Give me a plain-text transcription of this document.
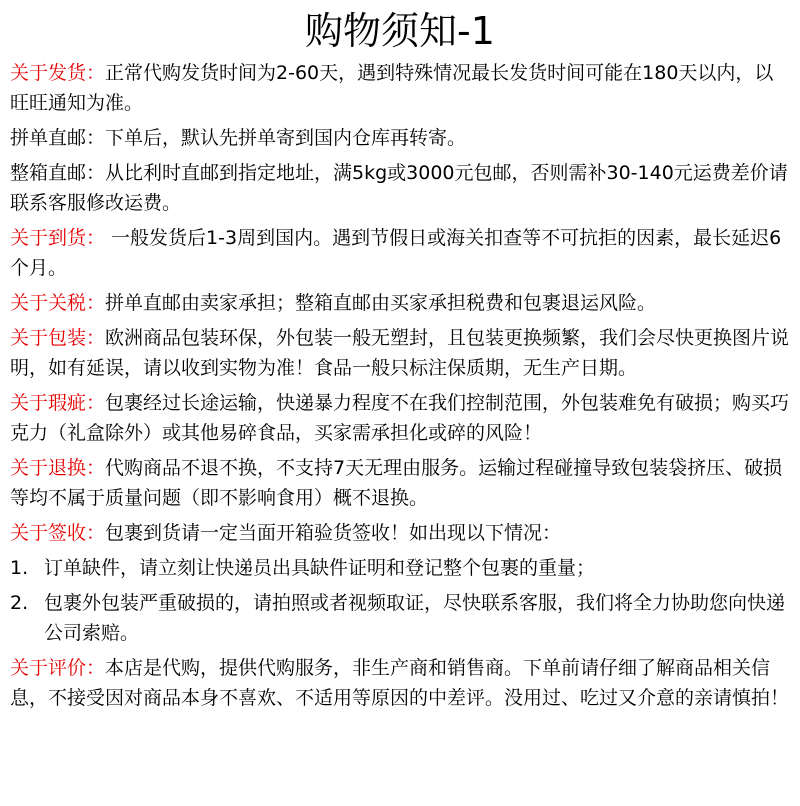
购物须知-1

关于发货：正常代购发货时间为2-60天，遇到特殊情况最长发货时间可能在180天以内，以旺旺通知为准。

拼单直邮：下单后，默认先拼单寄到国内仓库再转寄。

整箱直邮：从比利时直邮到指定地址，满5kg或3000元包邮，否则需补30-140元运费差价请联系客服修改运费。

关于到货： 一般发货后1-3周到国内。遇到节假日或海关扣查等不可抗拒的因素，最长延迟6个月。

关于关税：拼单直邮由卖家承担；整箱直邮由买家承担税费和包裹退运风险。

关于包装：欧洲商品包装环保，外包装一般无塑封，且包装更换频繁，我们会尽快更换图片说明，如有延误，请以收到实物为准！食品一般只标注保质期，无生产日期。

关于瑕疵：包裹经过长途运输，快递暴力程度不在我们控制范围，外包装难免有破损；购买巧克力（礼盒除外）或其他易碎食品，买家需承担化或碎的风险！

关于退换：代购商品不退不换，不支持7天无理由服务。运输过程碰撞导致包装袋挤压、破损等均不属于质量问题（即不影响食用）概不退换。

关于签收：包裹到货请一定当面开箱验货签收！如出现以下情况：

1. 订单缺件，请立刻让快递员出具缺件证明和登记整个包裹的重量；

2. 包裹外包装严重破损的，请拍照或者视频取证，尽快联系客服，我们将全力协助您向快递公司索赔。

关于评价：本店是代购，提供代购服务，非生产商和销售商。下单前请仔细了解商品相关信息，不接受因对商品本身不喜欢、不适用等原因的中差评。没用过、吃过又介意的亲请慎拍！
